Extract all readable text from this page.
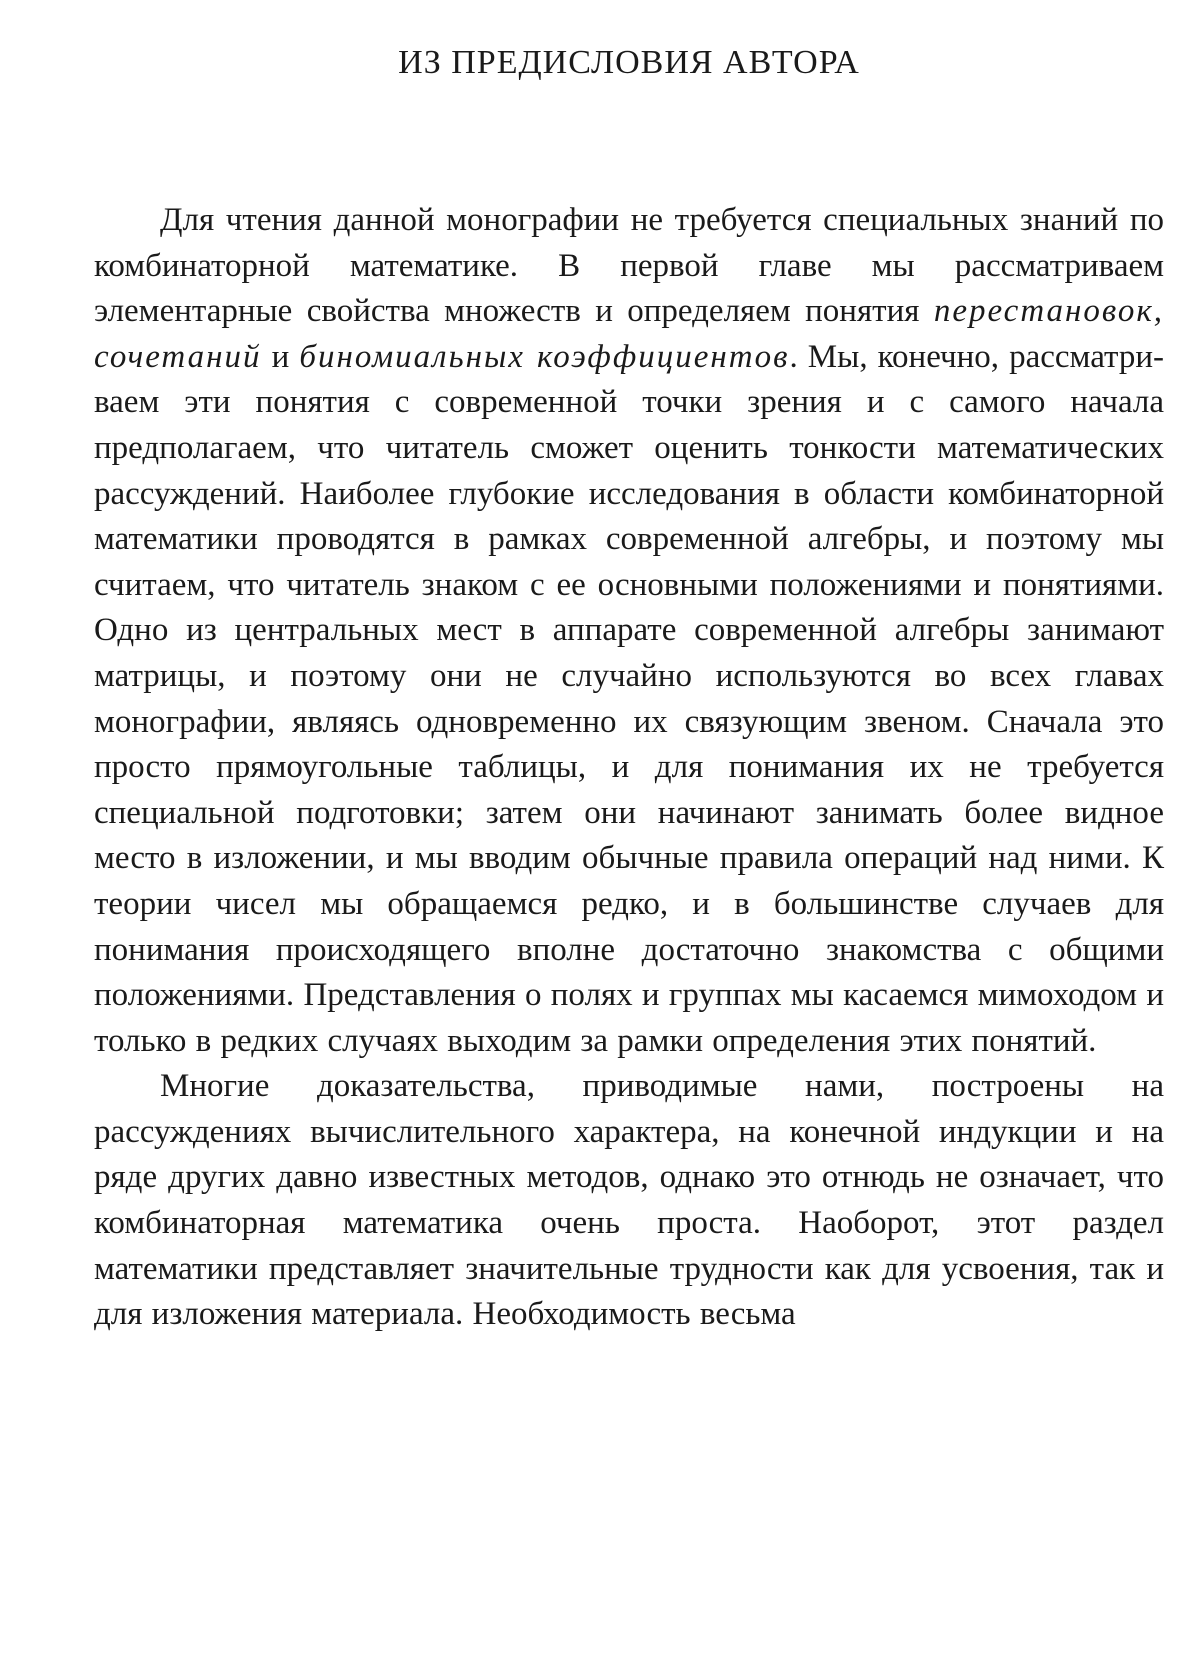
ИЗ ПРЕДИСЛОВИЯ АВТОРА

Для чтения данной монографии не требуется специальных знаний по комбинаторной математике. В первой главе мы рассматриваем элементарные свойства множеств и определяем понятия перестановок, сочетаний и биномиальных коэффициентов. Мы, конечно, рассматриваем эти понятия с современной точки зрения и с самого начала предполагаем, что читатель сможет оценить тонкости математических рассуждений. Наиболее глубокие исследования в области комбинаторной математики проводятся в рамках современной алгебры, и поэтому мы считаем, что читатель знаком с ее основными положениями и понятиями. Одно из центральных мест в аппарате современной алгебры занимают матрицы, и поэтому они не случайно используются во всех главах монографии, являясь одновременно их связующим звеном. Сначала это просто прямоугольные таблицы, и для понимания их не требуется специальной подготовки; затем они начинают занимать более видное место в изложении, и мы вводим обычные правила операций над ними. К теории чисел мы обращаемся редко, и в большинстве случаев для понимания происходящего вполне достаточно знакомства с общими положениями. Представления о полях и группах мы касаемся мимоходом и только в редких случаях выходим за рамки определения этих понятий.

Многие доказательства, приводимые нами, построены на рассуждениях вычислительного характера, на конечной индукции и на ряде других давно известных методов, однако это отнюдь не означает, что комбинаторная математика очень проста. Наоборот, этот раздел математики представляет значительные трудности как для усвоения, так и для изложения материала. Необходимость весьма
